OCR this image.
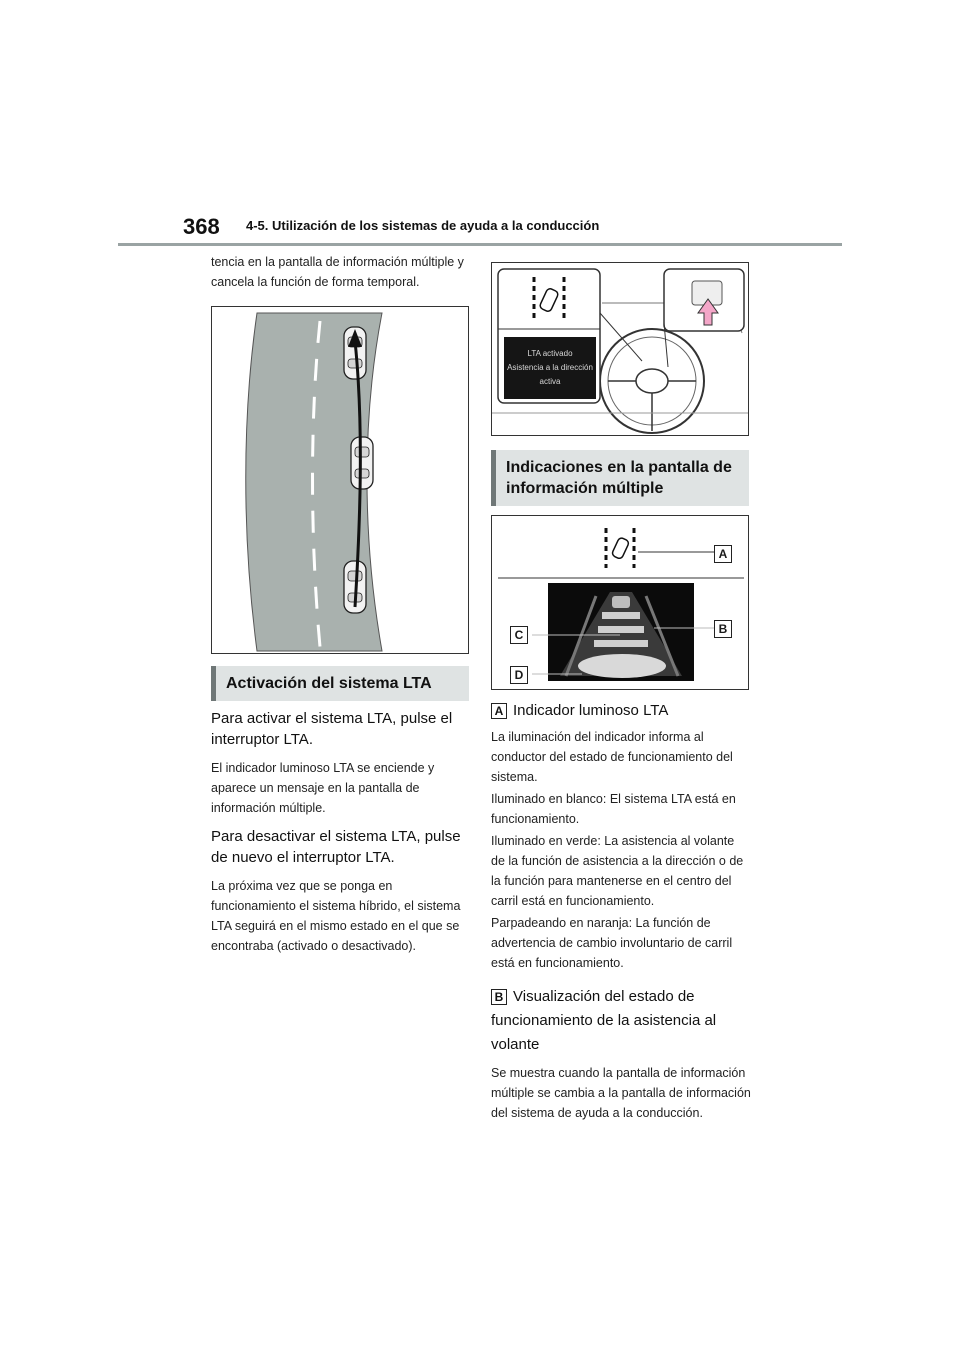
368 4-5. Utilización de los sistemas de ayuda a la conducción

tencia en la pantalla de información múltiple y cancela la función de forma temporal.

Activación del sistema LTA

Para activar el sistema LTA, pulse el interruptor LTA.

El indicador luminoso LTA se enciende y aparece un mensaje en la pantalla de información múltiple.

Para desactivar el sistema LTA, pulse de nuevo el interruptor LTA.

La próxima vez que se ponga en funcionamiento el sistema híbrido, el sistema LTA seguirá en el mismo estado en el que se encontraba (activado o desactivado).

LTA activado
Asistencia a la dirección activa
Indicaciones en la pantalla de información múltiple
A
B
C
D

A Indicador luminoso LTA

La iluminación del indicador informa al conductor del estado de funcionamiento del sistema.

Iluminado en blanco: El sistema LTA está en funcionamiento.

Iluminado en verde: La asistencia al volante de la función de asistencia a la dirección o de la función para mantenerse en el centro del carril está en funcionamiento.

Parpadeando en naranja: La función de advertencia de cambio involuntario de carril está en funcionamiento.

B Visualización del estado de funcionamiento de la asistencia al volante

Se muestra cuando la pantalla de información múltiple se cambia a la pantalla de información del sistema de ayuda a la conducción.
